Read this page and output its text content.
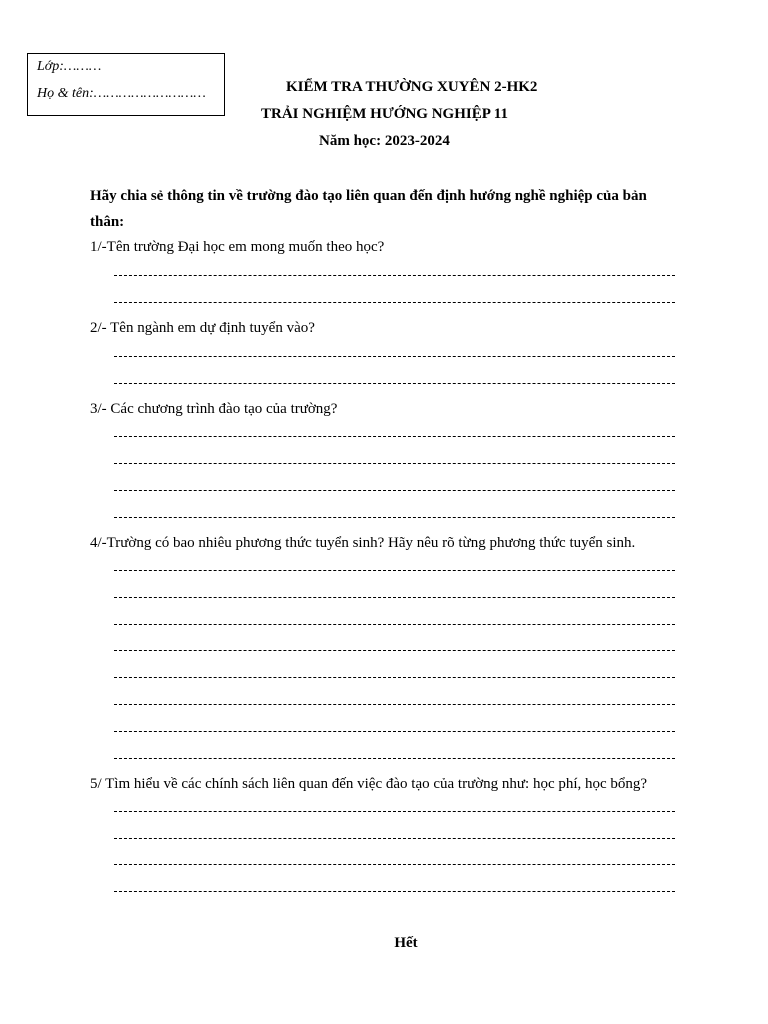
Lớp:………
Họ & tên:………………………	KIỂM TRA THƯỜNG XUYÊN 2-HK2
TRẢI NGHIỆM HƯỚNG NGHIỆP 11
Năm học: 2023-2024
Hãy chia sẻ thông tin về trường đào tạo liên quan đến định hướng nghề nghiệp của bản thân:
1/-Tên trường Đại học em mong muốn theo học?
2/- Tên ngành em dự định tuyển vào?
3/- Các chương trình đào tạo của trường?
4/-Trường có bao nhiêu phương thức tuyển sinh? Hãy nêu rõ từng phương thức tuyển sinh.
5/ Tìm hiểu về các chính sách liên quan đến việc đào tạo của trường như: học phí, học bổng?
Hết
